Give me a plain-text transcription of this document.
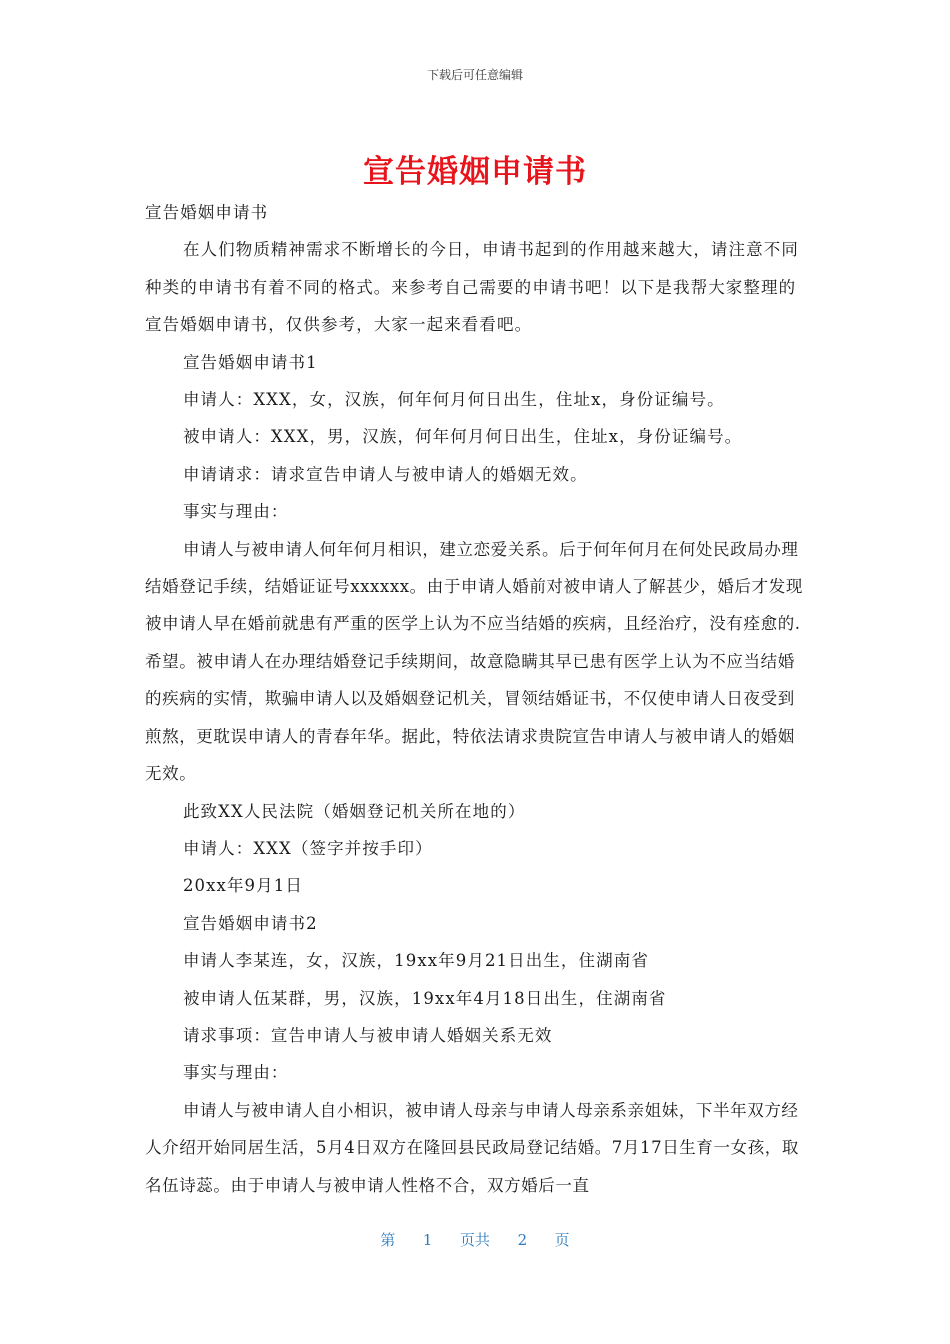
下载后可任意编辑
宣告婚姻申请书

宣告婚姻申请书

在人们物质精神需求不断增长的今日，申请书起到的作用越来越大，请注意不同种类的申请书有着不同的格式。来参考自己需要的申请书吧！以下是我帮大家整理的宣告婚姻申请书，仅供参考，大家一起来看看吧。

宣告婚姻申请书1

申请人：XXX，女，汉族，何年何月何日出生，住址x，身份证编号。

被申请人：XXX，男，汉族，何年何月何日出生，住址x，身份证编号。

申请请求：请求宣告申请人与被申请人的婚姻无效。

事实与理由：

申请人与被申请人何年何月相识，建立恋爱关系。后于何年何月在何处民政局办理结婚登记手续，结婚证证号xxxxxx。由于申请人婚前对被申请人了解甚少，婚后才发现被申请人早在婚前就患有严重的医学上认为不应当结婚的疾病，且经治疗，没有痊愈的.希望。被申请人在办理结婚登记手续期间，故意隐瞒其早已患有医学上认为不应当结婚的疾病的实情，欺骗申请人以及婚姻登记机关，冒领结婚证书，不仅使申请人日夜受到煎熬，更耽误申请人的青春年华。据此，特依法请求贵院宣告申请人与被申请人的婚姻无效。

此致XX人民法院（婚姻登记机关所在地的）

申请人：XXX（签字并按手印）

20xx年9月1日

宣告婚姻申请书2

申请人李某连，女，汉族，19xx年9月21日出生，住湖南省

被申请人伍某群，男，汉族，19xx年4月18日出生，住湖南省

请求事项：宣告申请人与被申请人婚姻关系无效

事实与理由：

申请人与被申请人自小相识，被申请人母亲与申请人母亲系亲姐妹，下半年双方经人介绍开始同居生活，5月4日双方在隆回县民政局登记结婚。7月17日生育一女孩，取名伍诗蕊。由于申请人与被申请人性格不合，双方婚后一直

第 1 页共 2 页
